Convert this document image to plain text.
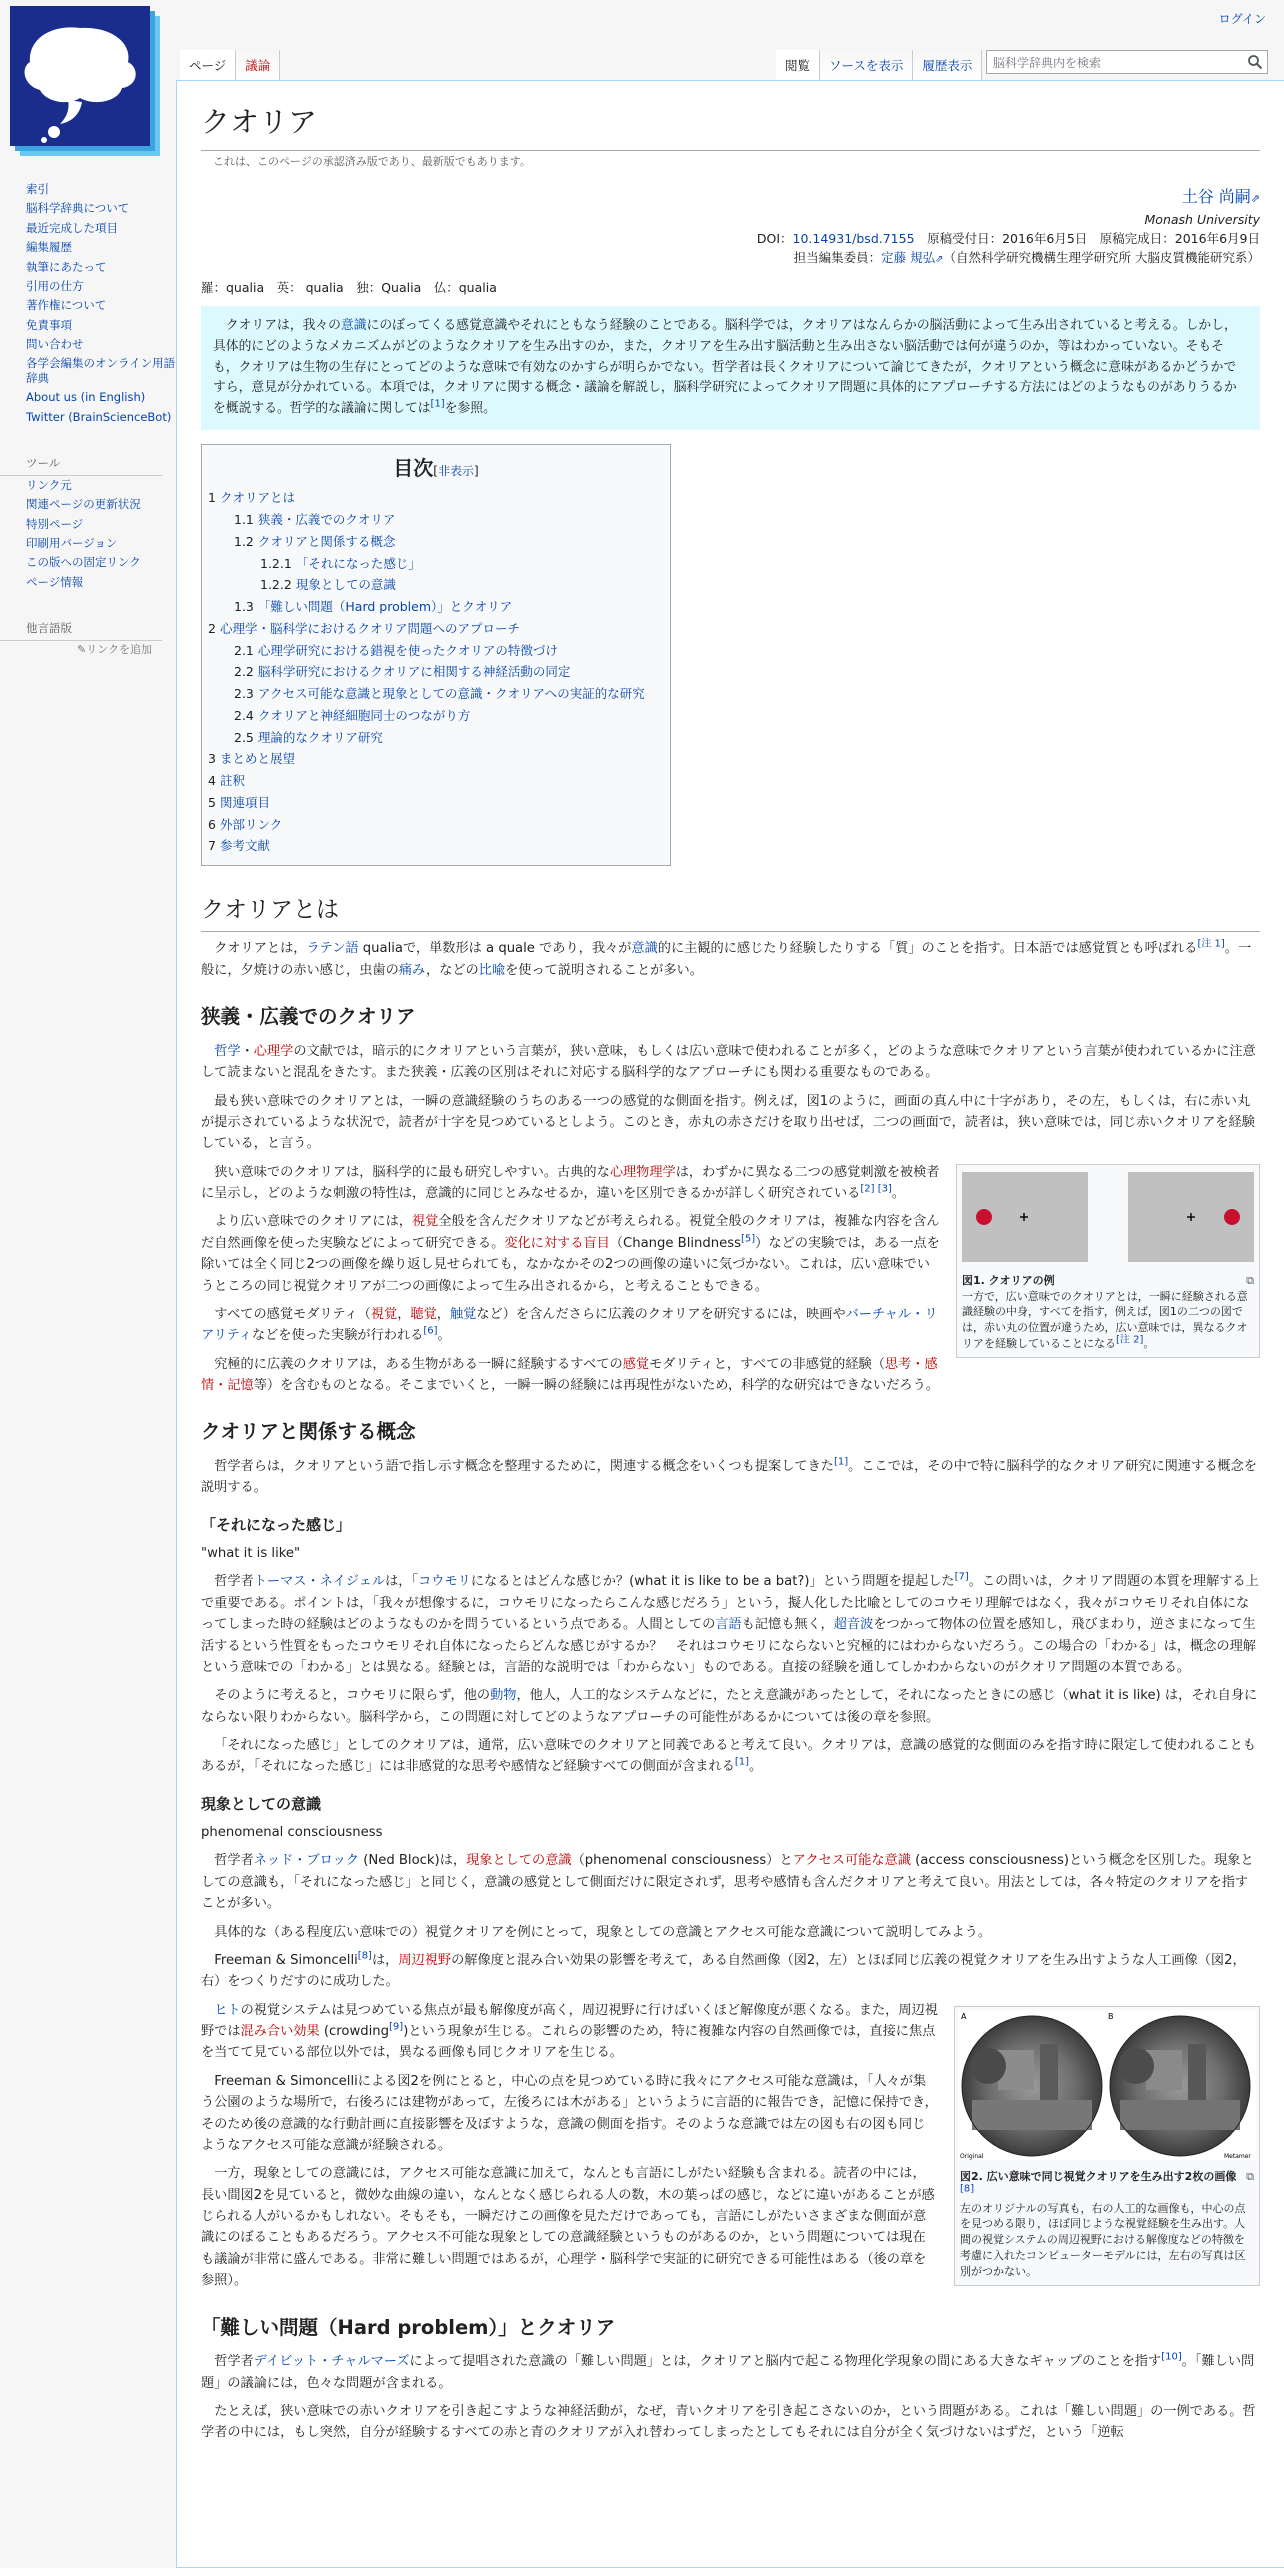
ログイン
ページ	議論	閲覧	ソースを表示	履歴表示	脳科学辞典内を検索
索引
脳科学辞典について
最近完成した項目
編集履歴
執筆にあたって
引用の仕方
著作権について
免責事項
問い合わせ
各学会編集のオンライン用語辞典
About us (in English)
Twitter (BrainScienceBot)
ツール
リンク元
関連ページの更新状況
特別ページ
印刷用バージョン
この版への固定リンク
ページ情報
他言語版
✎リンクを追加
クオリア
これは、このページの承認済み版であり、最新版でもあります。
土谷 尚嗣⇗
Monash University
DOI：10.14931/bsd.7155　 原稿受付日：2016年6月5日　原稿完成日：2016年6月9日
担当編集委員：定藤 規弘⇗（自然科学研究機構生理学研究所 大脳皮質機能研究系）
羅：qualia　英： qualia　独：Qualia　仏：qualia
クオリアは，我々の意識にのぼってくる感覚意識やそれにともなう経験のことである。脳科学では，クオリアはなんらかの脳活動によって生み出されていると考える。しかし，具体的にどのようなメカニズムがどのようなクオリアを生み出すのか，また，クオリアを生み出す脳活動と生み出さない脳活動では何が違うのか，等はわかっていない。そもそも，クオリアは生物の生存にとってどのような意味で有効なのかすらが明らかでない。哲学者は長くクオリアについて論じてきたが，クオリアという概念に意味があるかどうかですら，意見が分かれている。本項では，クオリアに関する概念・議論を解説し，脳科学研究によってクオリア問題に具体的にアプローチする方法にはどのようなものがありうるかを概説する。哲学的な議論に関しては[1]を参照。
目次[非表示]
1 クオリアとは
1.1 狭義・広義でのクオリア
1.2 クオリアと関係する概念
1.2.1 「それになった感じ」
1.2.2 現象としての意識
1.3 「難しい問題（Hard problem）」とクオリア
2 心理学・脳科学におけるクオリア問題へのアプローチ
2.1 心理学研究における錯視を使ったクオリアの特徴づけ
2.2 脳科学研究におけるクオリアに相関する神経活動の同定
2.3 アクセス可能な意識と現象としての意識・クオリアへの実証的な研究
2.4 クオリアと神経細胞同士のつながり方
2.5 理論的なクオリア研究
3 まとめと展望
4 註釈
5 関連項目
6 外部リンク
7 参考文献
クオリアとは

クオリアとは，ラテン語 qualiaで，単数形は a quale であり，我々が意識的に主観的に感じたり経験したりする「質」のことを指す。日本語では感覚質とも呼ばれる[注 1]。一般に，夕焼けの赤い感じ，虫歯の痛み，などの比喩を使って説明されることが多い。

狭義・広義でのクオリア

哲学・心理学の文献では，暗示的にクオリアという言葉が，狭い意味，もしくは広い意味で使われることが多く，どのような意味でクオリアという言葉が使われているかに注意して読まないと混乱をきたす。また狭義・広義の区別はそれに対応する脳科学的なアプローチにも関わる重要なものである。

最も狭い意味でのクオリアとは，一瞬の意識経験のうちのある一つの感覚的な側面を指す。例えば，図1のように，画面の真ん中に十字があり，その左，もしくは，右に赤い丸が提示されているような状況で，読者が十字を見つめているとしよう。このとき，赤丸の赤さだけを取り出せば，二つの画面で，読者は，狭い意味では，同じ赤いクオリアを経験している，と言う。

⧉
図1. クオリアの例
一方で，広い意味でのクオリアとは，一瞬に経験される意識経験の中身，すべてを指す，例えば，図1の二つの図では，赤い丸の位置が違うため，広い意味では，異なるクオリアを経験していることになる[注 2]。

狭い意味でのクオリアは，脳科学的に最も研究しやすい。古典的な心理物理学は，わずかに異なる二つの感覚刺激を被検者に呈示し，どのような刺激の特性は，意識的に同じとみなせるか，違いを区別できるかが詳しく研究されている[2] [3]。

より広い意味でのクオリアには，視覚全般を含んだクオリアなどが考えられる。視覚全般のクオリアは，複雑な内容を含んだ自然画像を使った実験などによって研究できる。変化に対する盲目（Change Blindness[5]）などの実験では，ある一点を除いては全く同じ2つの画像を繰り返し見せられても，なかなかその2つの画像の違いに気づかない。これは，広い意味でいうところの同じ視覚クオリアが二つの画像によって生み出されるから，と考えることもできる。

すべての感覚モダリティ（視覚，聴覚，触覚など）を含んださらに広義のクオリアを研究するには，映画やバーチャル・リアリティなどを使った実験が行われる[6]。

究極的に広義のクオリアは，ある生物がある一瞬に経験するすべての感覚モダリティと，すべての非感覚的経験（思考・感情・記憶等）を含むものとなる。そこまでいくと，一瞬一瞬の経験には再現性がないため，科学的な研究はできないだろう。

クオリアと関係する概念

哲学者らは，クオリアという語で指し示す概念を整理するために，関連する概念をいくつも提案してきた[1]。ここでは，その中で特に脳科学的なクオリア研究に関連する概念を説明する。

「それになった感じ」

"what it is like"

哲学者トーマス・ネイジェルは，「コウモリになるとはどんな感じか？(what it is like to be a bat?)」という問題を提起した[7]。この問いは，クオリア問題の本質を理解する上で重要である。ポイントは，「我々が想像するに，コウモリになったらこんな感じだろう」という，擬人化した比喩としてのコウモリ理解ではなく，我々がコウモリそれ自体になってしまった時の経験はどのようなものかを問うているという点である。人間としての言語も記憶も無く，超音波をつかって物体の位置を感知し，飛びまわり，逆さまになって生活するという性質をもったコウモリそれ自体になったらどんな感じがするか？　それはコウモリにならないと究極的にはわからないだろう。この場合の「わかる」は，概念の理解という意味での「わかる」とは異なる。経験とは，言語的な説明では「わからない」ものである。直接の経験を通してしかわからないのがクオリア問題の本質である。

そのように考えると，コウモリに限らず，他の動物，他人，人工的なシステムなどに，たとえ意識があったとして，それになったときにの感じ（what it is like) は，それ自身にならない限りわからない。脳科学から，この問題に対してどのようなアプローチの可能性があるかについては後の章を参照。

「それになった感じ」としてのクオリアは，通常，広い意味でのクオリアと同義であると考えて良い。クオリアは，意識の感覚的な側面のみを指す時に限定して使われることもあるが，「それになった感じ」には非感覚的な思考や感情など経験すべての側面が含まれる[1]。

現象としての意識

phenomenal consciousness

哲学者ネッド・ブロック (Ned Block)は，現象としての意識（phenomenal consciousness）とアクセス可能な意識 (access consciousness)という概念を区別した。現象としての意識も，「それになった感じ」と同じく，意識の感覚として側面だけに限定されず，思考や感情も含んだクオリアと考えて良い。用法としては，各々特定のクオリアを指すことが多い。

具体的な（ある程度広い意味での）視覚クオリアを例にとって，現象としての意識とアクセス可能な意識について説明してみよう。

Freeman & Simoncelli[8]は，周辺視野の解像度と混み合い効果の影響を考えて，ある自然画像（図2，左）とほぼ同じ広義の視覚クオリアを生み出すような人工画像（図2，右）をつくりだすのに成功した。

A	B
Original	Metamer
⧉
図2. 広い意味で同じ視覚クオリアを生み出す2枚の画像[8]
左のオリジナルの写真も，右の人工的な画像も，中心の点を見つめる限り，ほぼ同じような視覚経験を生み出す。人間の視覚システムの周辺視野における解像度などの特徴を考慮に入れたコンピューターモデルには，左右の写真は区別がつかない。

ヒトの視覚システムは見つめている焦点が最も解像度が高く，周辺視野に行けばいくほど解像度が悪くなる。また，周辺視野では混み合い効果 (crowding[9])という現象が生じる。これらの影響のため，特に複雑な内容の自然画像では，直接に焦点を当てて見ている部位以外では，異なる画像も同じクオリアを生じる。

Freeman & Simoncelliによる図2を例にとると，中心の点を見つめている時に我々にアクセス可能な意識は，「人々が集う公園のような場所で，右後ろには建物があって，左後ろには木がある」というように言語的に報告でき，記憶に保持でき，そのため後の意識的な行動計画に直接影響を及ぼすような，意識の側面を指す。そのような意識では左の図も右の図も同じようなアクセス可能な意識が経験される。

一方，現象としての意識には，アクセス可能な意識に加えて，なんとも言語にしがたい経験も含まれる。読者の中には，長い間図2を見ていると，微妙な曲線の違い，なんとなく感じられる人の数，木の葉っぱの感じ，などに違いがあることが感じられる人がいるかもしれない。そもそも，一瞬だけこの画像を見ただけであっても，言語にしがたいさまざまな側面が意識にのぼることもあるだろう。アクセス不可能な現象としての意識経験というものがあるのか，という問題については現在も議論が非常に盛んである。非常に難しい問題ではあるが，心理学・脳科学で実証的に研究できる可能性はある（後の章を参照）。

「難しい問題（Hard problem）」とクオリア

哲学者デイビット・チャルマーズによって提唱された意識の「難しい問題」とは，クオリアと脳内で起こる物理化学現象の間にある大きなギャップのことを指す[10]。「難しい問題」の議論には，色々な問題が含まれる。

たとえば，狭い意味での赤いクオリアを引き起こすような神経活動が，なぜ，青いクオリアを引き起こさないのか，という問題がある。これは「難しい問題」の一例である。哲学者の中には，もし突然，自分が経験するすべての赤と青のクオリアが入れ替わってしまったとしてもそれには自分が全く気づけないはずだ，という「逆転
